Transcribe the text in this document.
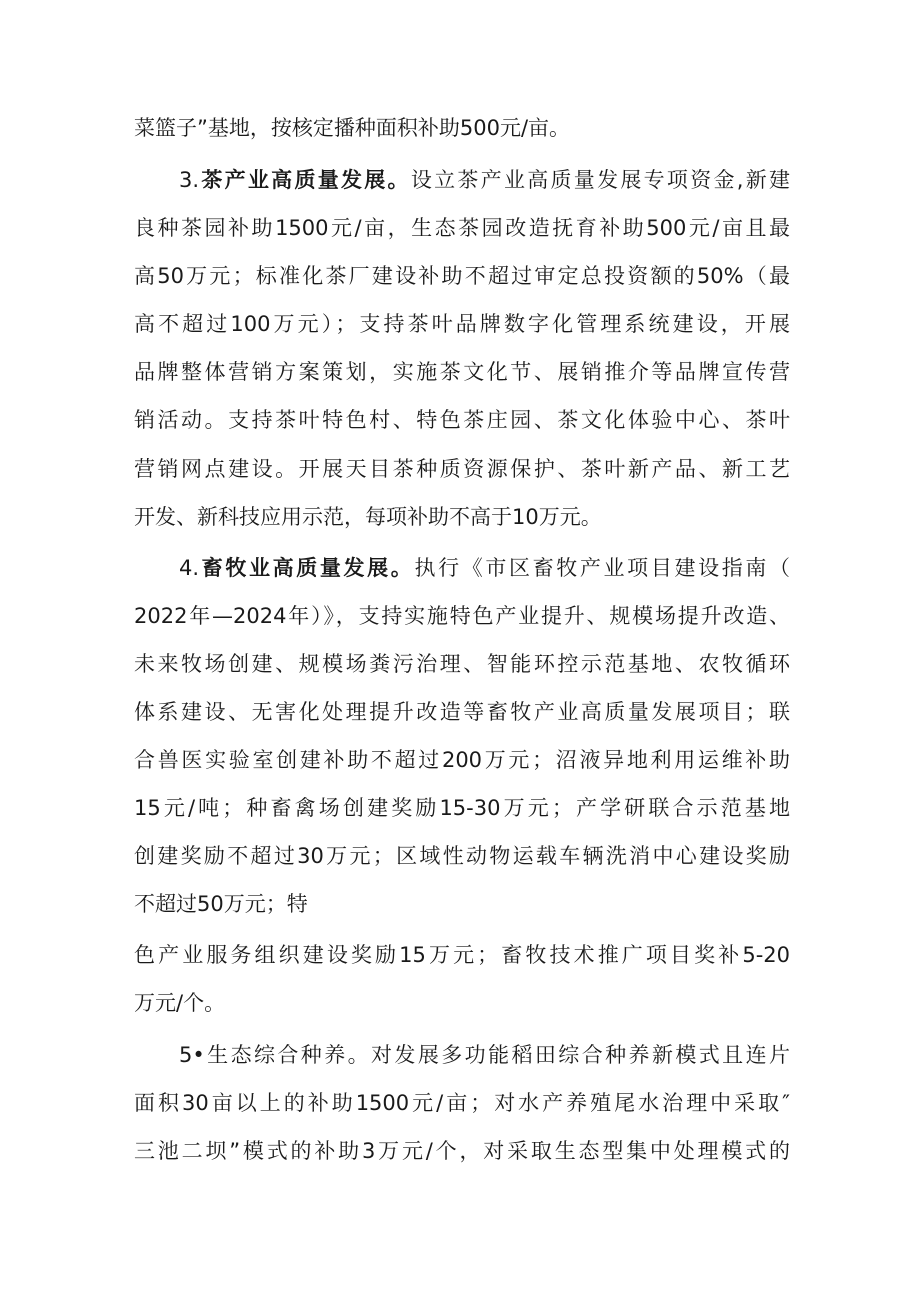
菜篮子”基地，按核定播种面积补助500元/亩。
3.茶产业高质量发展。设立茶产业高质量发展专项资金,新建
良种茶园补助1500元/亩，生态茶园改造抚育补助500元/亩且最
高50万元；标准化茶厂建设补助不超过审定总投资额的50%（最
高不超过100万元）；支持茶叶品牌数字化管理系统建设，开展
品牌整体营销方案策划，实施茶文化节、展销推介等品牌宣传营
销活动。支持茶叶特色村、特色茶庄园、茶文化体验中心、茶叶
营销网点建设。开展天目茶种质资源保护、茶叶新产品、新工艺
开发、新科技应用示范，每项补助不高于10万元。
4.畜牧业高质量发展。执行《市区畜牧产业项目建设指南（
2022年—2024年）》，支持实施特色产业提升、规模场提升改造、
未来牧场创建、规模场粪污治理、智能环控示范基地、农牧循环
体系建设、无害化处理提升改造等畜牧产业高质量发展项目；联
合兽医实验室创建补助不超过200万元；沼液异地利用运维补助
15元/吨；种畜禽场创建奖励15-30万元；产学研联合示范基地
创建奖励不超过30万元；区域性动物运载车辆洗消中心建设奖励
不超过50万元；特
色产业服务组织建设奖励15万元；畜牧技术推广项目奖补5-20
万元/个。
5•生态综合种养。对发展多功能稻田综合种养新模式且连片
面积30亩以上的补助1500元/亩；对水产养殖尾水治理中采取″
三池二坝”模式的补助3万元/个，对采取生态型集中处理模式的
